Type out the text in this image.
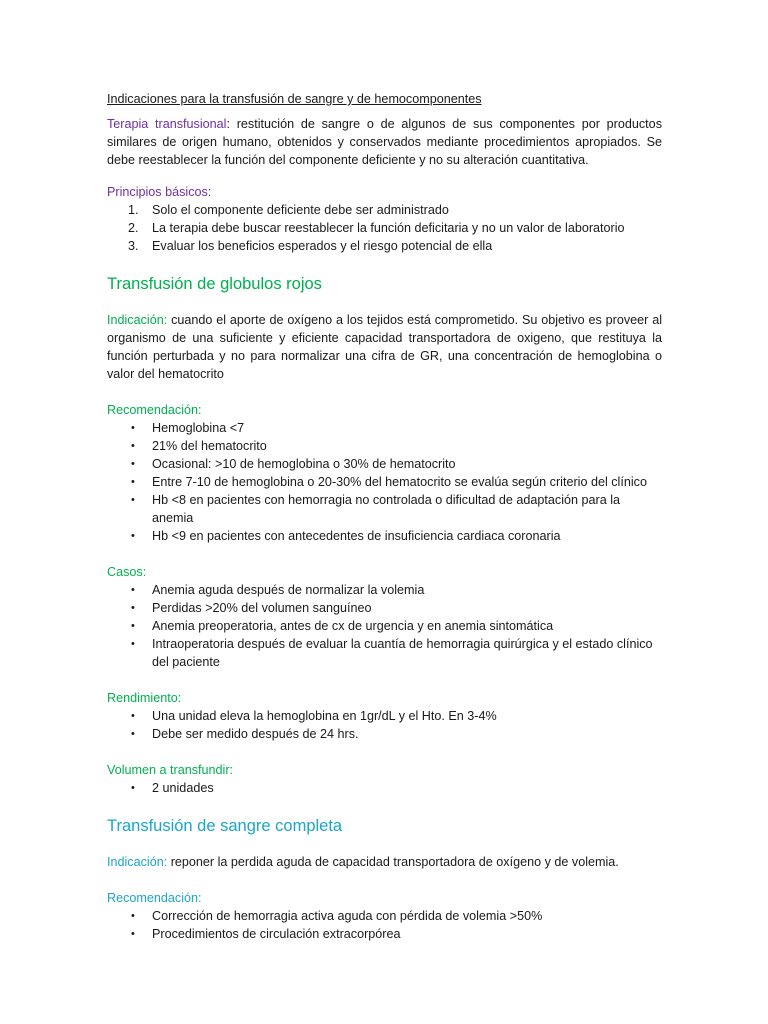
Indicaciones para la transfusión de sangre y de hemocomponentes

Terapia transfusional: restitución de sangre o de algunos de sus componentes por productos similares de origen humano, obtenidos y conservados mediante procedimientos apropiados. Se debe reestablecer la función del componente deficiente y no su alteración cuantitativa.

Principios básicos:

1. Solo el componente deficiente debe ser administrado
2. La terapia debe buscar reestablecer la función deficitaria y no un valor de laboratorio
3. Evaluar los beneficios esperados y el riesgo potencial de ella
Transfusión de globulos rojos

Indicación: cuando el aporte de oxígeno a los tejidos está comprometido. Su objetivo es proveer al organismo de una suficiente y eficiente capacidad transportadora de oxigeno, que restituya la función perturbada y no para normalizar una cifra de GR, una concentración de hemoglobina o valor del hematocrito

Recomendación:

• Hemoglobina <7
• 21% del hematocrito
• Ocasional: >10 de hemoglobina o 30% de hematocrito
• Entre 7-10 de hemoglobina o 20-30% del hematocrito se evalúa según criterio del clínico
• Hb <8 en pacientes con hemorragia no controlada o dificultad de adaptación para la anemia
• Hb <9 en pacientes con antecedentes de insuficiencia cardiaca coronaria

Casos:

• Anemia aguda después de normalizar la volemia
• Perdidas >20% del volumen sanguíneo
• Anemia preoperatoria, antes de cx de urgencia y en anemia sintomática
• Intraoperatoria después de evaluar la cuantía de hemorragia quirúrgica y el estado clínico del paciente

Rendimiento:

• Una unidad eleva la hemoglobina en 1gr/dL y el Hto. En 3-4%
• Debe ser medido después de 24 hrs.

Volumen a transfundir:

• 2 unidades
Transfusión de sangre completa

Indicación: reponer la perdida aguda de capacidad transportadora de oxígeno y de volemia.

Recomendación:

• Corrección de hemorragia activa aguda con pérdida de volemia >50%
• Procedimientos de circulación extracorpórea
